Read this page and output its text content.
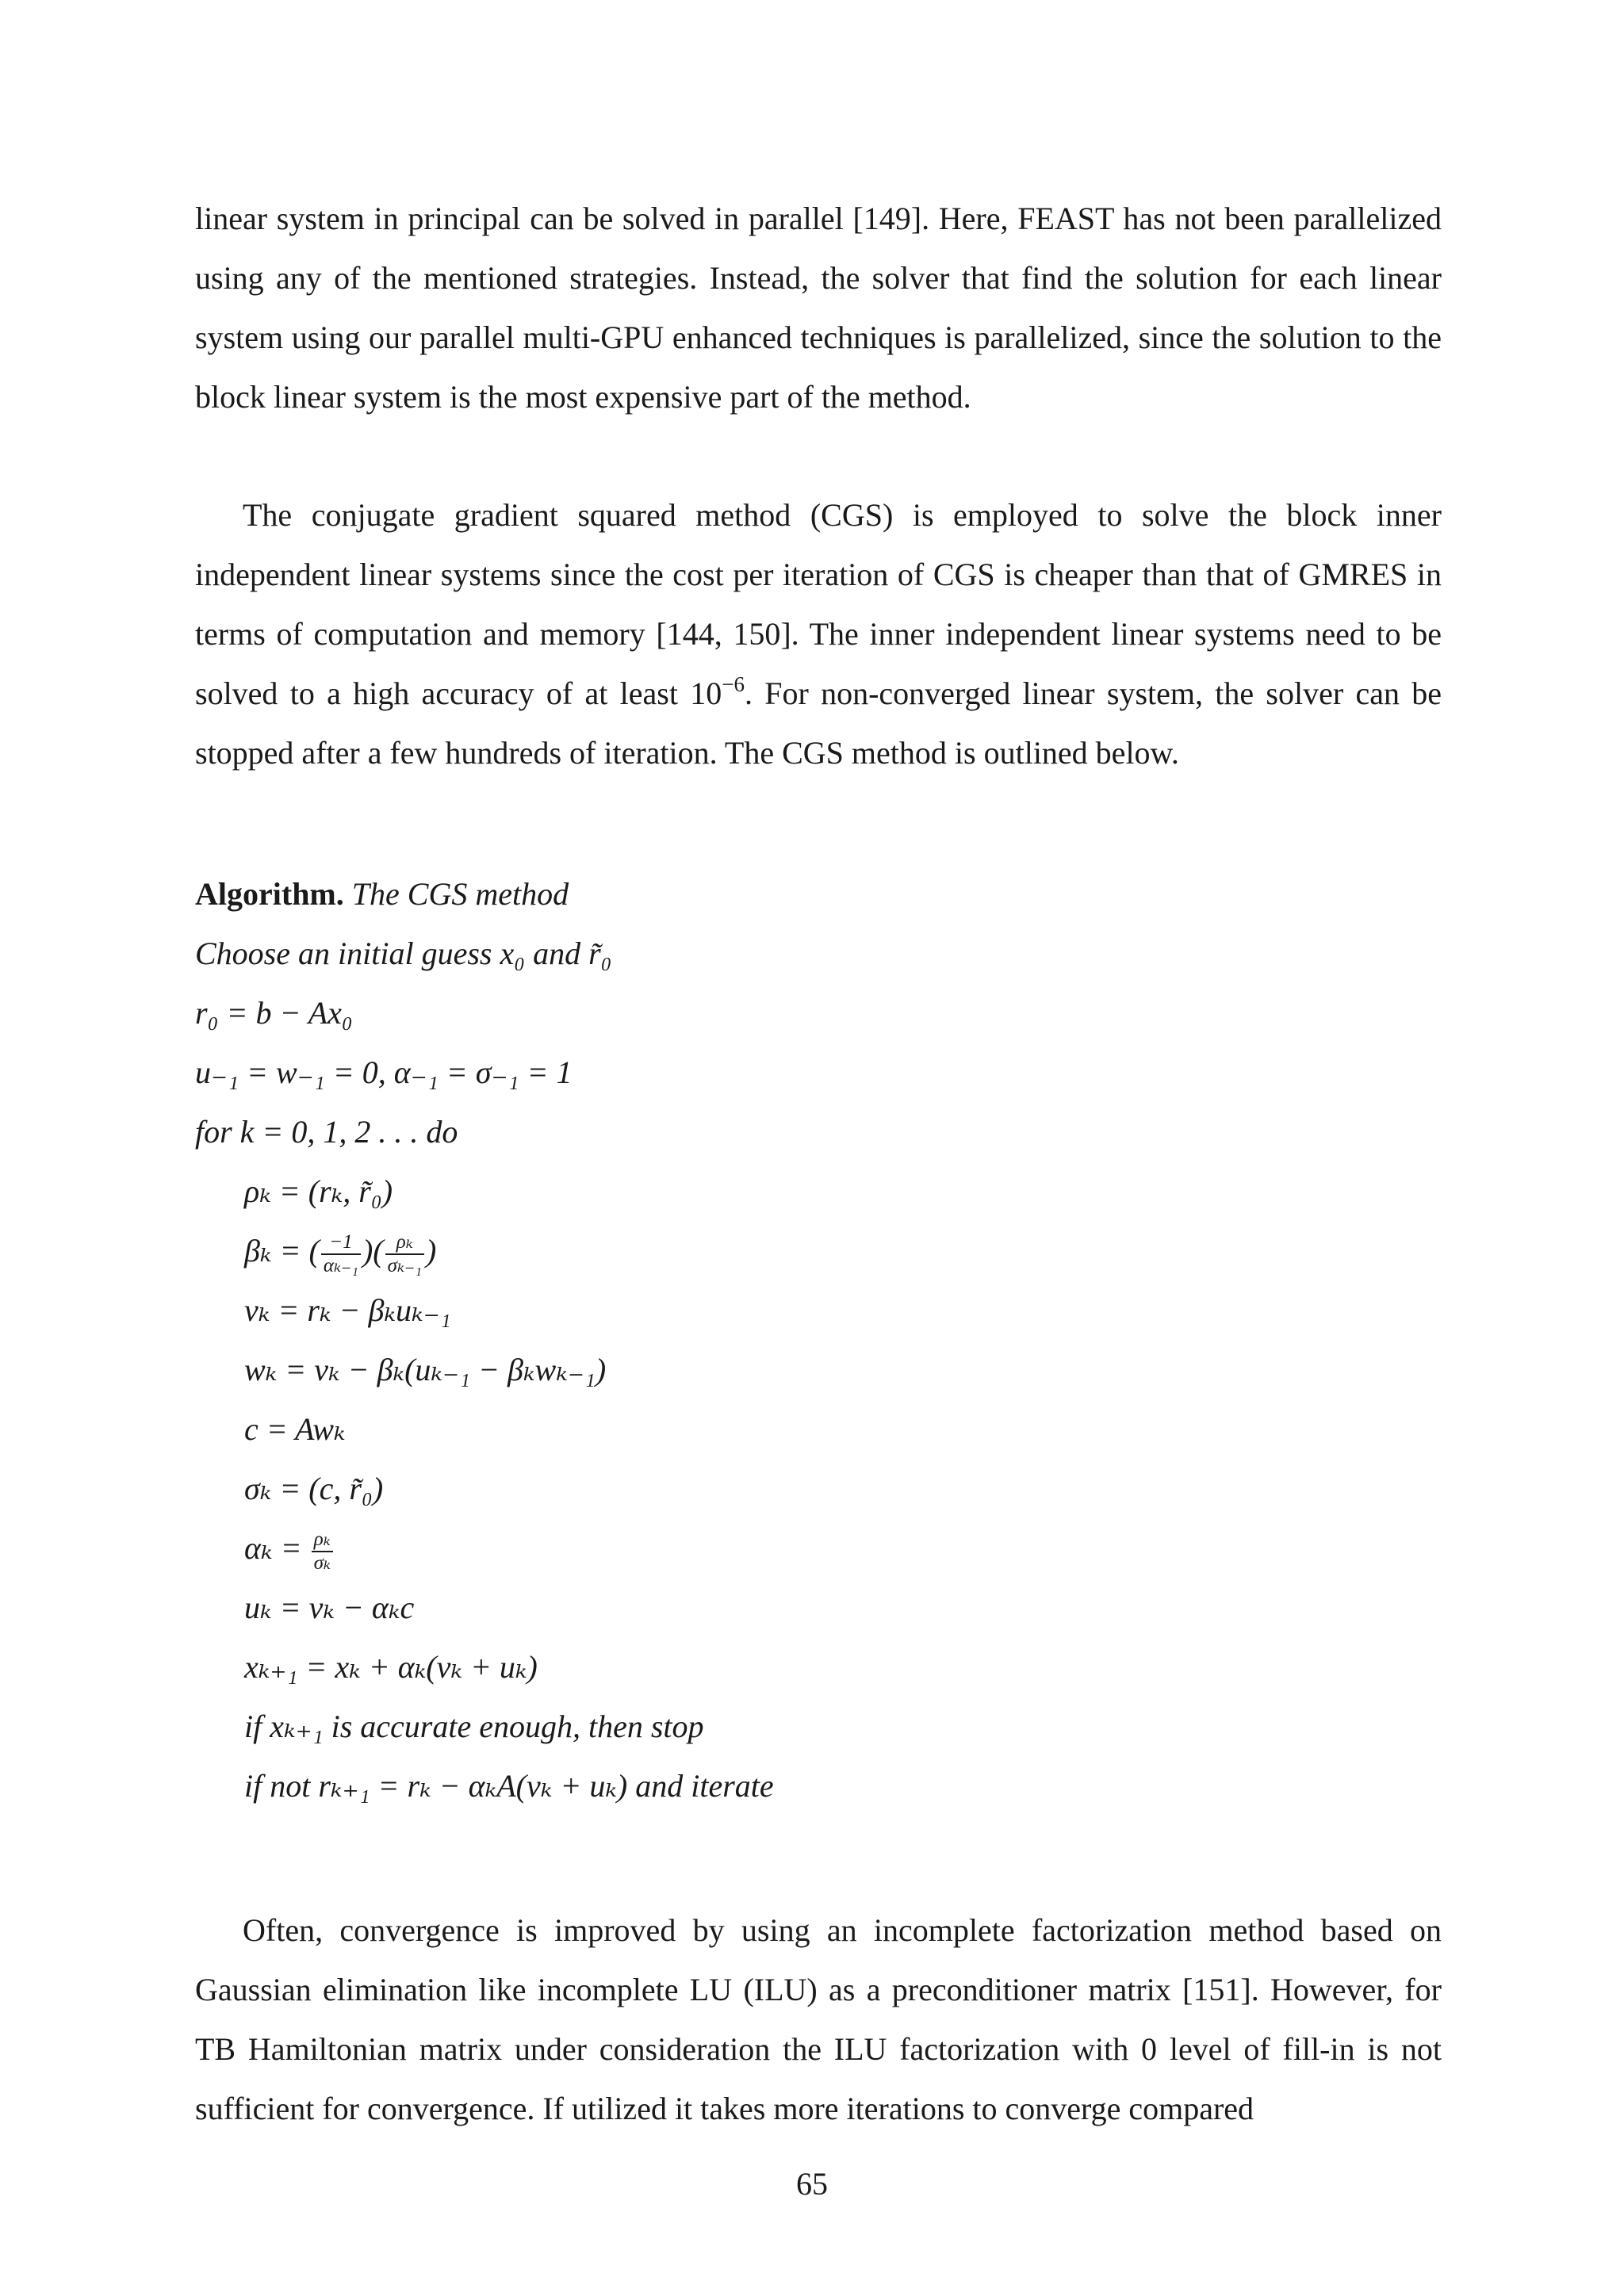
linear system in principal can be solved in parallel [149]. Here, FEAST has not been parallelized using any of the mentioned strategies. Instead, the solver that find the solution for each linear system using our parallel multi-GPU enhanced techniques is parallelized, since the solution to the block linear system is the most expensive part of the method.

The conjugate gradient squared method (CGS) is employed to solve the block inner independent linear systems since the cost per iteration of CGS is cheaper than that of GMRES in terms of computation and memory [144, 150]. The inner independent linear systems need to be solved to a high accuracy of at least $10^{-6}$. For non-converged linear system, the solver can be stopped after a few hundreds of iteration. The CGS method is outlined below.

Algorithm. The CGS method
Choose an initial guess x₀ and r̃₀
r₀ = b − Ax₀
u₋₁ = w₋₁ = 0, α₋₁ = σ₋₁ = 1
for k = 0, 1, 2 . . . do
ρₖ = (rₖ, r̃₀)
βₖ = ( $\frac{-1}{\text{αₖ₋₁}}$ )( $\frac{\text{ρₖ}}{\text{σₖ₋₁}}$ )
vₖ = rₖ − βₖuₖ₋₁
wₖ = vₖ − βₖ(uₖ₋₁ − βₖwₖ₋₁)
c = Awₖ
σₖ = (c, r̃₀)
$\alpha_k = \frac{\text{ρₖ}}{\text{σₖ}}$
uₖ = vₖ − αₖc
xₖ₊₁ = xₖ + αₖ(vₖ + uₖ)
if xₖ₊₁ is accurate enough, then stop
if not rₖ₊₁ = rₖ − αₖA(vₖ + uₖ) and iterate

Often, convergence is improved by using an incomplete factorization method based on Gaussian elimination like incomplete LU (ILU) as a preconditioner matrix [151]. However, for TB Hamiltonian matrix under consideration the ILU factorization with 0 level of fill-in is not sufficient for convergence. If utilized it takes more iterations to converge compared

65
